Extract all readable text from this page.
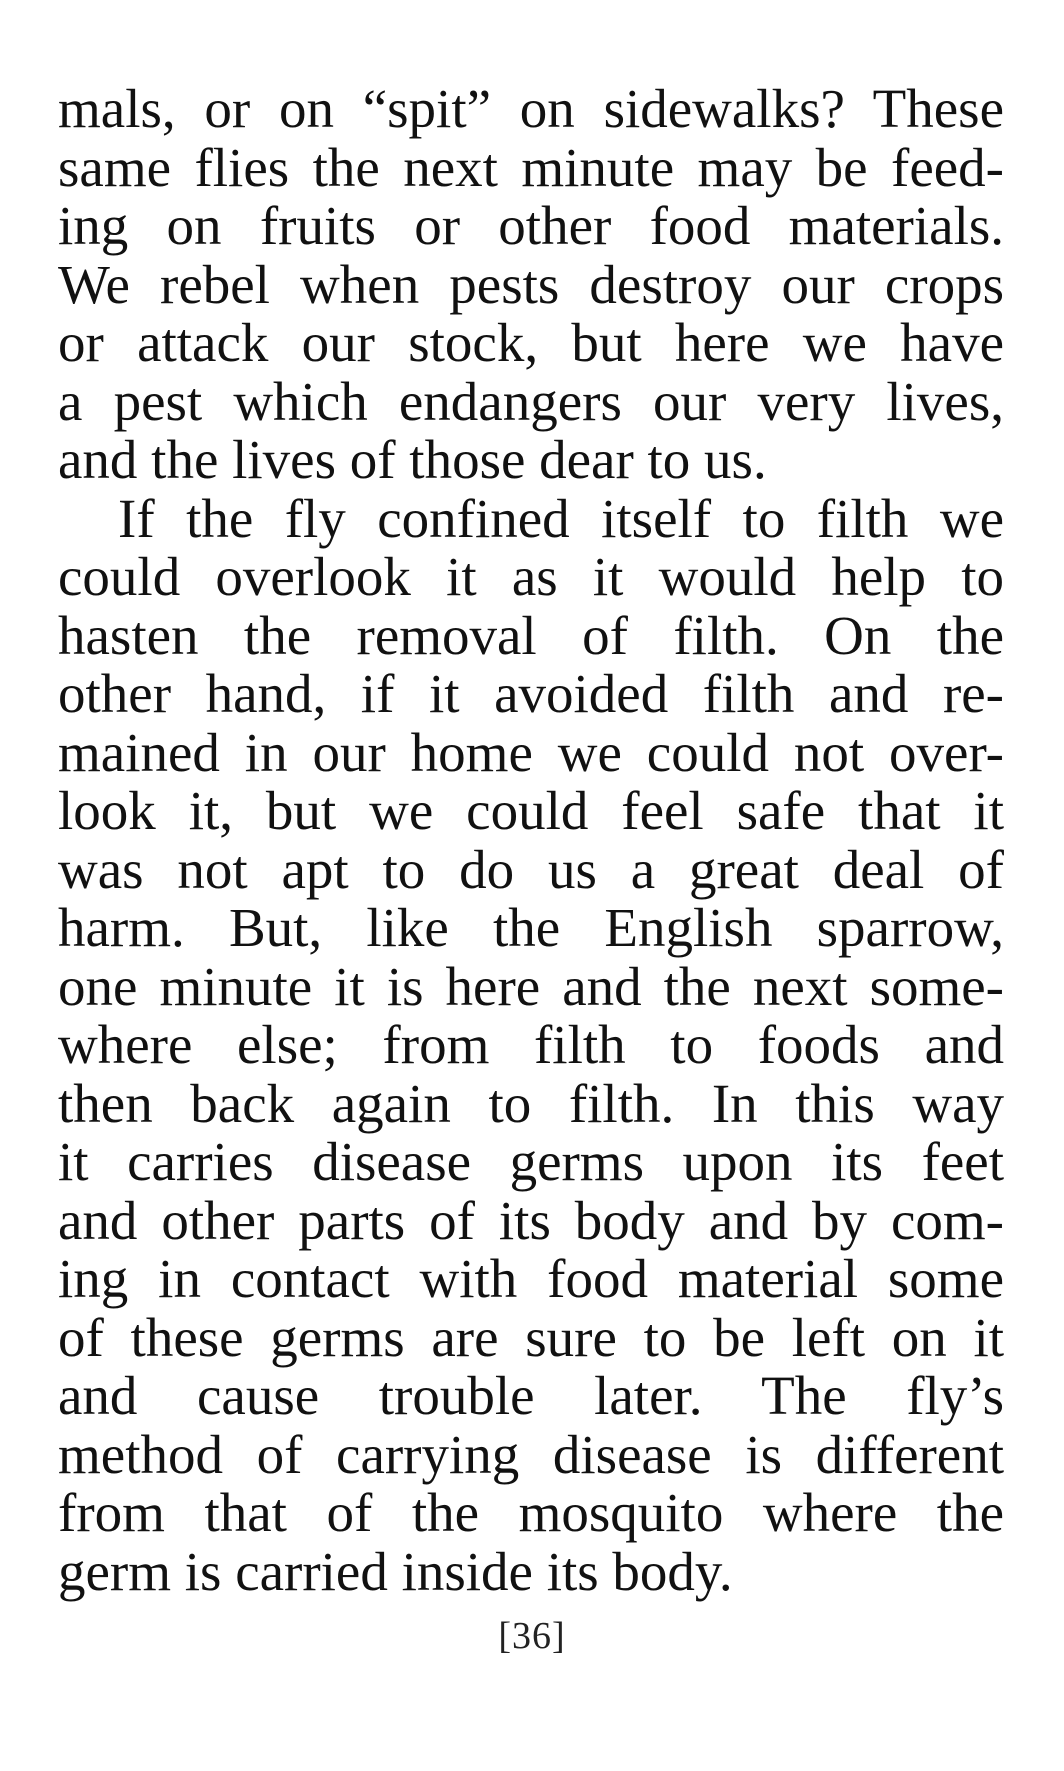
mals, or on “spit” on sidewalks? These
same flies the next minute may be feed-
ing on fruits or other food materials.
We rebel when pests destroy our crops
or attack our stock, but here we have
a pest which endangers our very lives,
and the lives of those dear to us.
If the fly confined itself to filth we
could overlook it as it would help to
hasten the removal of filth. On the
other hand, if it avoided filth and re-
mained in our home we could not over-
look it, but we could feel safe that it
was not apt to do us a great deal of
harm. But, like the English sparrow,
one minute it is here and the next some-
where else; from filth to foods and
then back again to filth. In this way
it carries disease germs upon its feet
and other parts of its body and by com-
ing in contact with food material some
of these germs are sure to be left on it
and cause trouble later. The fly’s
method of carrying disease is different
from that of the mosquito where the
germ is carried inside its body.
[36]
